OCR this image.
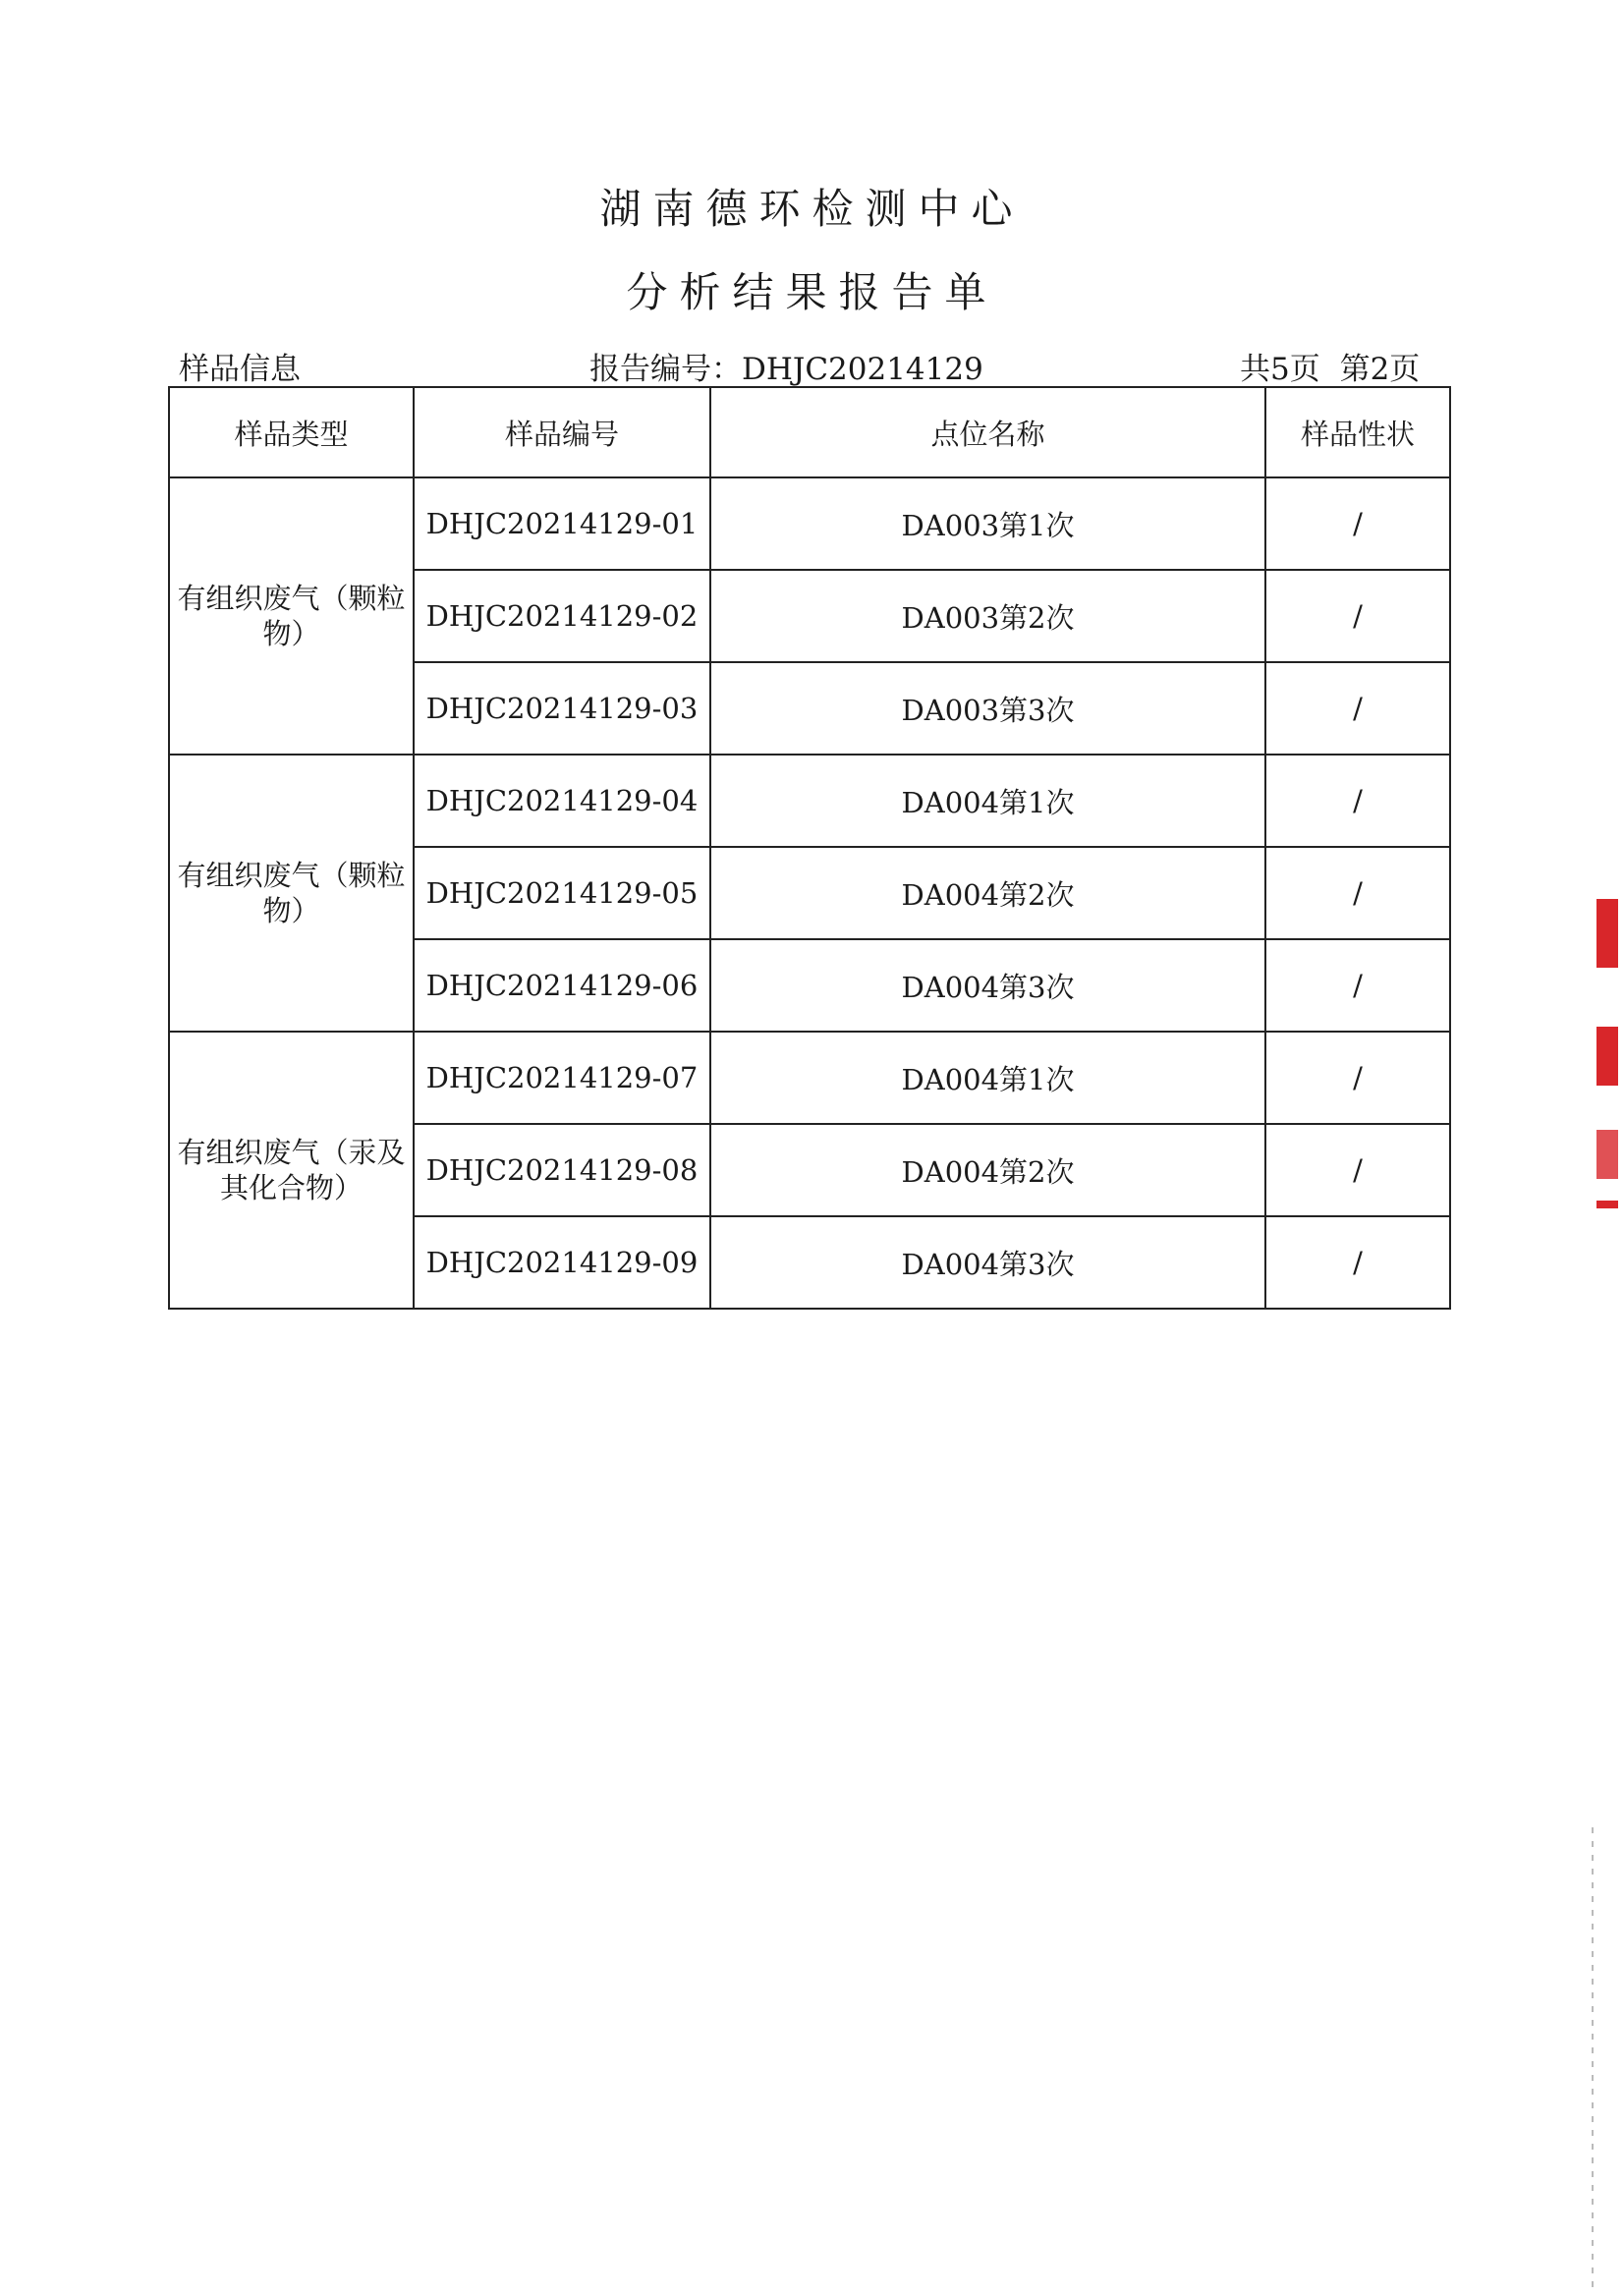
湖南德环检测中心
分析结果报告单
样品信息	报告编号：DHJC20214129	共5页 第2页
样品类型	样品编号	点位名称	样品性状
有组织废气（颗粒物）	DHJC20214129-01	DA003第1次	/
	DHJC20214129-02	DA003第2次	/
	DHJC20214129-03	DA003第3次	/
有组织废气（颗粒物）	DHJC20214129-04	DA004第1次	/
	DHJC20214129-05	DA004第2次	/
	DHJC20214129-06	DA004第3次	/
有组织废气（汞及其化合物）	DHJC20214129-07	DA004第1次	/
	DHJC20214129-08	DA004第2次	/
	DHJC20214129-09	DA004第3次	/
